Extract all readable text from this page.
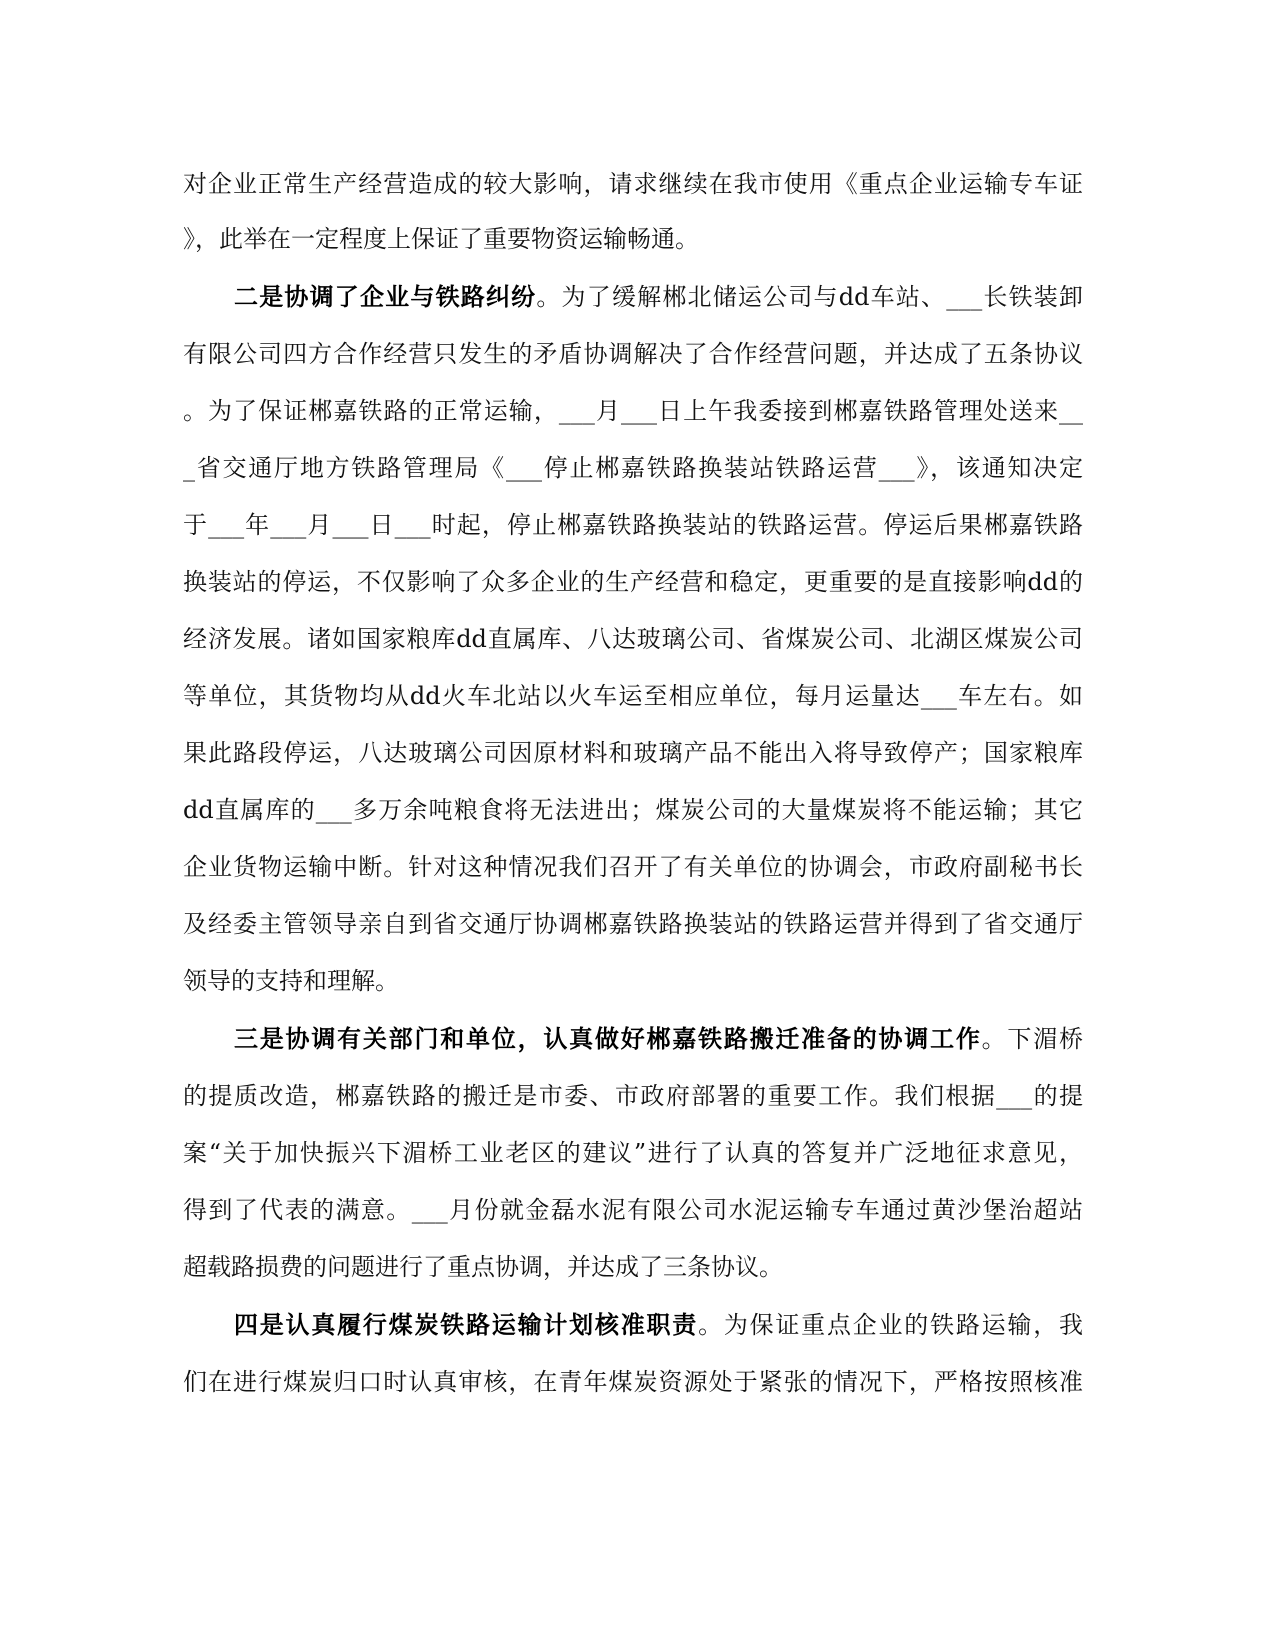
对企业正常生产经营造成的较大影响，请求继续在我市使用《重点企业运输专车证
》，此举在一定程度上保证了重要物资运输畅通。
二是协调了企业与铁路纠纷。为了缓解郴北储运公司与dd车站、___长铁装卸
有限公司四方合作经营只发生的矛盾协调解决了合作经营问题，并达成了五条协议
。为了保证郴嘉铁路的正常运输，___月___日上午我委接到郴嘉铁路管理处送来__
_省交通厅地方铁路管理局《___停止郴嘉铁路换装站铁路运营___》，该通知决定
于___年___月___日___时起，停止郴嘉铁路换装站的铁路运营。停运后果郴嘉铁路
换装站的停运，不仅影响了众多企业的生产经营和稳定，更重要的是直接影响dd的
经济发展。诸如国家粮库dd直属库、八达玻璃公司、省煤炭公司、北湖区煤炭公司
等单位，其货物均从dd火车北站以火车运至相应单位，每月运量达___车左右。如
果此路段停运，八达玻璃公司因原材料和玻璃产品不能出入将导致停产；国家粮库
dd直属库的___多万余吨粮食将无法进出；煤炭公司的大量煤炭将不能运输；其它
企业货物运输中断。针对这种情况我们召开了有关单位的协调会，市政府副秘书长
及经委主管领导亲自到省交通厅协调郴嘉铁路换装站的铁路运营并得到了省交通厅
领导的支持和理解。
三是协调有关部门和单位，认真做好郴嘉铁路搬迁准备的协调工作。下湄桥
的提质改造，郴嘉铁路的搬迁是市委、市政府部署的重要工作。我们根据___的提
案“关于加快振兴下湄桥工业老区的建议”进行了认真的答复并广泛地征求意见，
得到了代表的满意。___月份就金磊水泥有限公司水泥运输专车通过黄沙堡治超站
超载路损费的问题进行了重点协调，并达成了三条协议。
四是认真履行煤炭铁路运输计划核准职责。为保证重点企业的铁路运输，我
们在进行煤炭归口时认真审核，在青年煤炭资源处于紧张的情况下，严格按照核准
